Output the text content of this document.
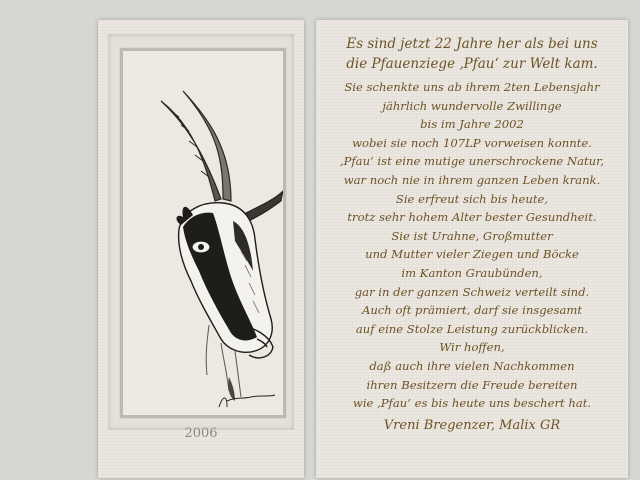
2006
Es sind jetzt 22 Jahre her als bei uns
die Pfauenziege ‚Pfau‘ zur Welt kam.
Sie schenkte uns ab ihrem 2ten Lebensjahr
jährlich wundervolle Zwillinge
bis im Jahre 2002
wobei sie noch 107LP vorweisen konnte.
‚Pfau‘ ist eine mutige unerschrockene Natur,
war noch nie in ihrem ganzen Leben krank.
Sie erfreut sich bis heute,
trotz sehr hohem Alter bester Gesundheit.
Sie ist Urahne, Großmutter
und Mutter vieler Ziegen und Böcke
im Kanton Graubünden,
gar in der ganzen Schweiz verteilt sind.
Auch oft prämiert, darf sie insgesamt
auf eine Stolze Leistung zurückblicken.
Wir hoffen,
daß auch ihre vielen Nachkommen
ihren Besitzern die Freude bereiten
wie ‚Pfau‘ es bis heute uns beschert hat.
Vreni Bregenzer, Malix GR
